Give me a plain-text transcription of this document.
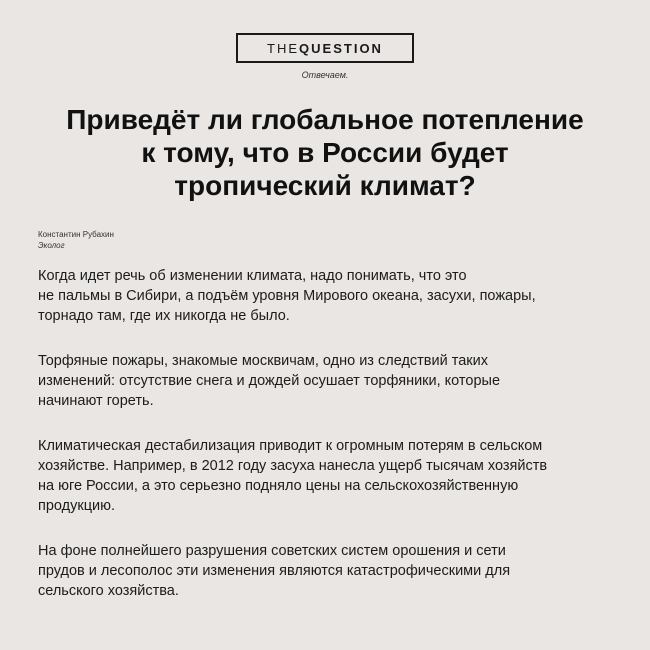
THE QUESTION
Отвечаем.
Приведёт ли глобальное потепление
к тому, что в России будет
тропический климат?
Константин Рубахин
Эколог

Когда идет речь об изменении климата, надо понимать, что это
не пальмы в Сибири, а подъём уровня Мирового океана, засухи, пожары,
торнадо там, где их никогда не было.

Торфяные пожары, знакомые москвичам, одно из следствий таких
изменений: отсутствие снега и дождей осушает торфяники, которые
начинают гореть.

Климатическая дестабилизация приводит к огромным потерям в сельском
хозяйстве. Например, в 2012 году засуха нанесла ущерб тысячам хозяйств
на юге России, а это серьезно подняло цены на сельскохозяйственную
продукцию.

На фоне полнейшего разрушения советских систем орошения и сети
прудов и лесополос эти изменения являются катастрофическими для
сельского хозяйства.
